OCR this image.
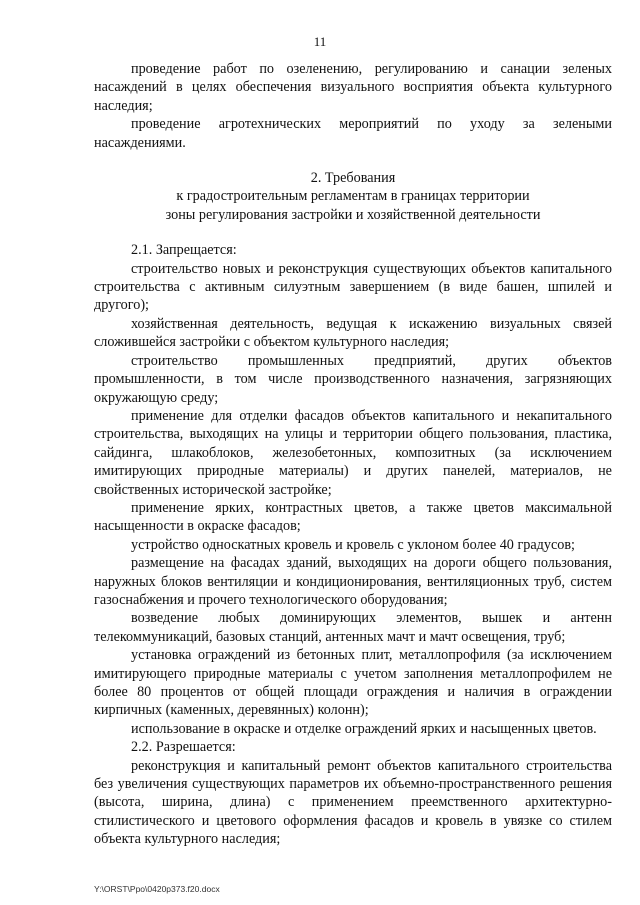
11

проведение работ по озеленению, регулированию и санации зеленых насаждений в целях обеспечения визуального восприятия объекта культурного наследия;

проведение агротехнических мероприятий по уходу за зелеными насаждениями.

2. Требования

к градостроительным регламентам в границах территории

зоны регулирования застройки и хозяйственной деятельности

2.1. Запрещается:

строительство новых и реконструкция существующих объектов капитального строительства с активным силуэтным завершением (в виде башен, шпилей и другого);

хозяйственная деятельность, ведущая к искажению визуальных связей сложившейся застройки с объектом культурного наследия;

строительство промышленных предприятий, других объектов промышленности, в том числе производственного назначения, загрязняющих окружающую среду;

применение для отделки фасадов объектов капитального и некапитального строительства, выходящих на улицы и территории общего пользования, пластика, сайдинга, шлакоблоков, железобетонных, композитных (за исключением имитирующих природные материалы) и других панелей, материалов, не свойственных исторической застройке;

применение ярких, контрастных цветов, а также цветов максимальной насыщенности в окраске фасадов;

устройство односкатных кровель и кровель с уклоном более 40 градусов;

размещение на фасадах зданий, выходящих на дороги общего пользования, наружных блоков вентиляции и кондиционирования, вентиляционных труб, систем газоснабжения и прочего технологического оборудования;

возведение любых доминирующих элементов, вышек и антенн телекоммуникаций, базовых станций, антенных мачт и мачт освещения, труб;

установка ограждений из бетонных плит, металлопрофиля (за исключением имитирующего природные материалы с учетом заполнения металлопрофилем не более 80 процентов от общей площади ограждения и наличия в ограждении кирпичных (каменных, деревянных) колонн);

использование в окраске и отделке ограждений ярких и насыщенных цветов.

2.2. Разрешается:

реконструкция и капитальный ремонт объектов капитального строительства без увеличения существующих параметров их объемно-пространственного решения (высота, ширина, длина) с применением преемственного архитектурно-стилистического и цветового оформления фасадов и кровель в увязке со стилем объекта культурного наследия;

Y:\ORST\Ppo\0420p373.f20.docx
